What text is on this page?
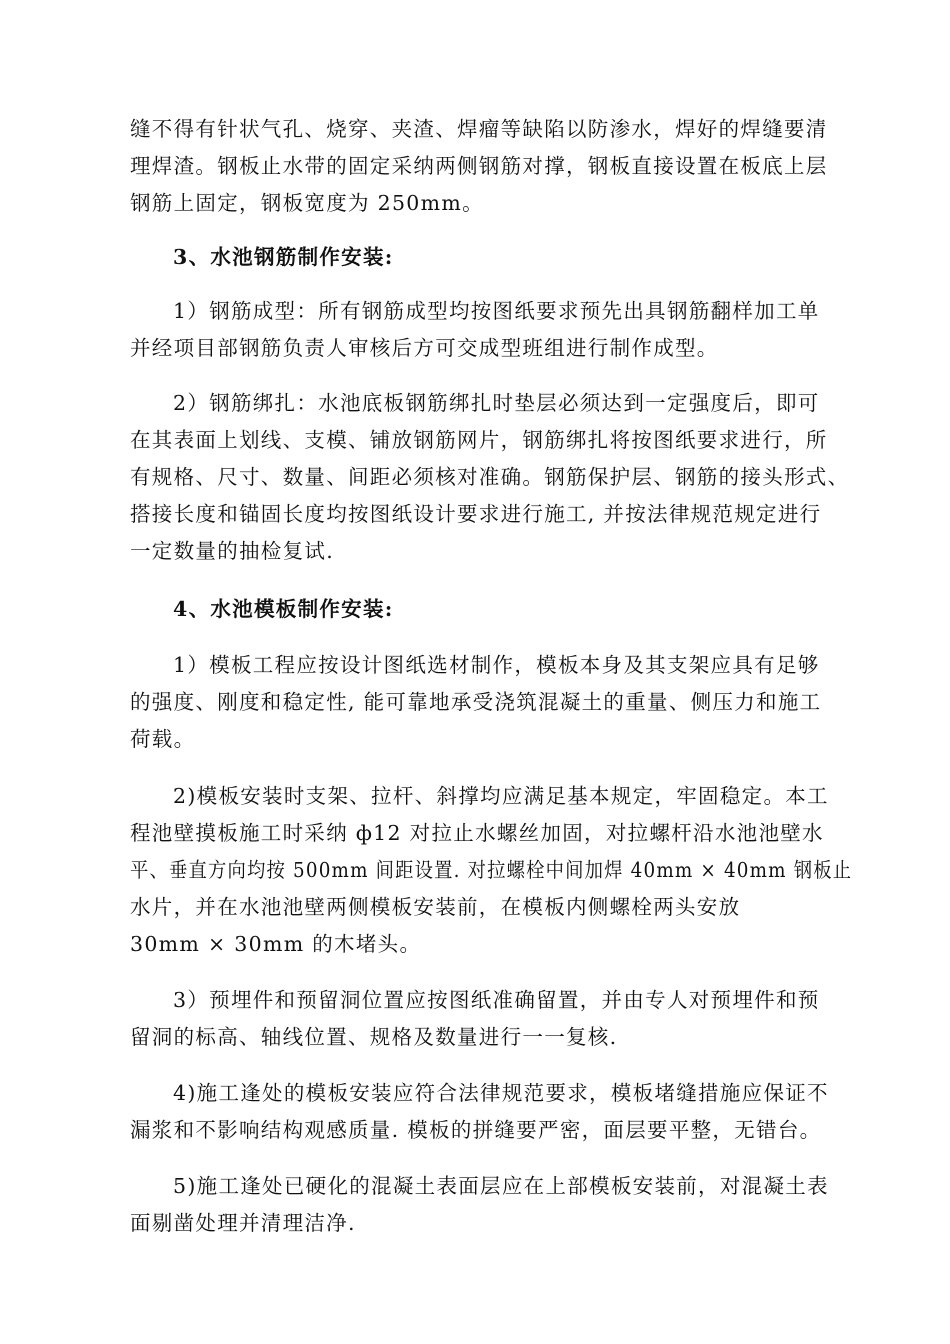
缝不得有针状气孔、烧穿、夹渣、焊瘤等缺陷以防渗水，焊好的焊缝要清
理焊渣。钢板止水带的固定采纳两侧钢筋对撑，钢板直接设置在板底上层
钢筋上固定，钢板宽度为 250mm。
3、水池钢筋制作安装:
1）钢筋成型：所有钢筋成型均按图纸要求预先出具钢筋翻样加工单
并经项目部钢筋负责人审核后方可交成型班组进行制作成型。
2）钢筋绑扎：水池底板钢筋绑扎时垫层必须达到一定强度后，即可
在其表面上划线、支模、铺放钢筋网片，钢筋绑扎将按图纸要求进行，所
有规格、尺寸、数量、间距必须核对准确。钢筋保护层、钢筋的接头形式、
搭接长度和锚固长度均按图纸设计要求进行施工, 并按法律规范规定进行
一定数量的抽检复试.
4、水池模板制作安装:
1）模板工程应按设计图纸选材制作，模板本身及其支架应具有足够
的强度、刚度和稳定性, 能可靠地承受浇筑混凝土的重量、侧压力和施工
荷载。
2)模板安装时支架、拉杆、斜撑均应满足基本规定，牢固稳定。本工
程池壁摸板施工时采纳 ф12 对拉止水螺丝加固，对拉螺杆沿水池池壁水
平、垂直方向均按 500mm 间距设置. 对拉螺栓中间加焊 40mm × 40mm 钢板止
水片，并在水池池壁两侧模板安装前，在模板内侧螺栓两头安放
30mm × 30mm 的木堵头。
3）预埋件和预留洞位置应按图纸准确留置，并由专人对预埋件和预
留洞的标高、轴线位置、规格及数量进行一一复核.
4)施工逢处的模板安装应符合法律规范要求，模板堵缝措施应保证不
漏浆和不影响结构观感质量. 模板的拼缝要严密，面层要平整，无错台。
5)施工逢处已硬化的混凝土表面层应在上部模板安装前，对混凝土表
面剔凿处理并清理洁净.
